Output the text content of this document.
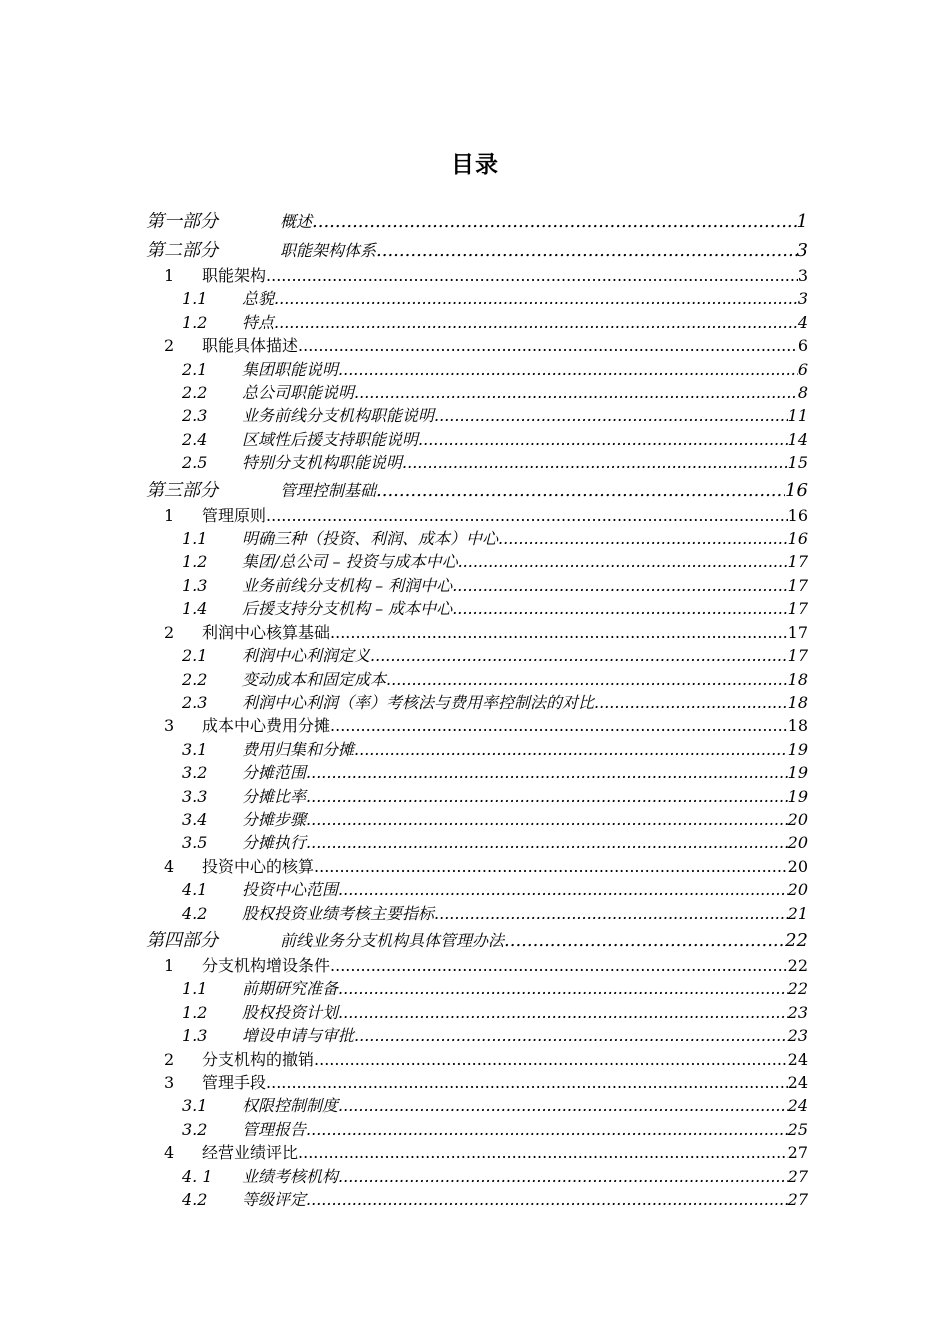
目录
第一部分	概述 .....	1
第二部分	职能架构体系 .....	3
1	职能架构 .....	3
1.1	总貌 .....	3
1.2	特点 .....	4
2	职能具体描述 .....	6
2.1	集团职能说明 .....	6
2.2	总公司职能说明 .....	8
2.3	业务前线分支机构职能说明 .....	11
2.4	区域性后援支持职能说明 .....	14
2.5	特别分支机构职能说明 .....	15
第三部分	管理控制基础 .....	16
1	管理原则 .....	16
1.1	明确三种（投资、利润、成本）中心 .....	16
1.2	集团/总公司 – 投资与成本中心 .....	17
1.3	业务前线分支机构 – 利润中心 .....	17
1.4	后援支持分支机构 – 成本中心 .....	17
2	利润中心核算基础 .....	17
2.1	利润中心利润定义 .....	17
2.2	变动成本和固定成本 .....	18
2.3	利润中心利润（率）考核法与费用率控制法的对比 .....	18
3	成本中心费用分摊 .....	18
3.1	费用归集和分摊 .....	19
3.2	分摊范围 .....	19
3.3	分摊比率 .....	19
3.4	分摊步骤 .....	20
3.5	分摊执行 .....	20
4	投资中心的核算 .....	20
4.1	投资中心范围 .....	20
4.2	股权投资业绩考核主要指标 .....	21
第四部分	前线业务分支机构具体管理办法 .....	22
1	分支机构增设条件 .....	22
1.1	前期研究准备 .....	22
1.2	股权投资计划 .....	23
1.3	增设申请与审批 .....	23
2	分支机构的撤销 .....	24
3	管理手段 .....	24
3.1	权限控制制度 .....	24
3.2	管理报告 .....	25
4	经营业绩评比 .....	27
4. 1	业绩考核机构 .....	27
4.2	等级评定 .....	27
